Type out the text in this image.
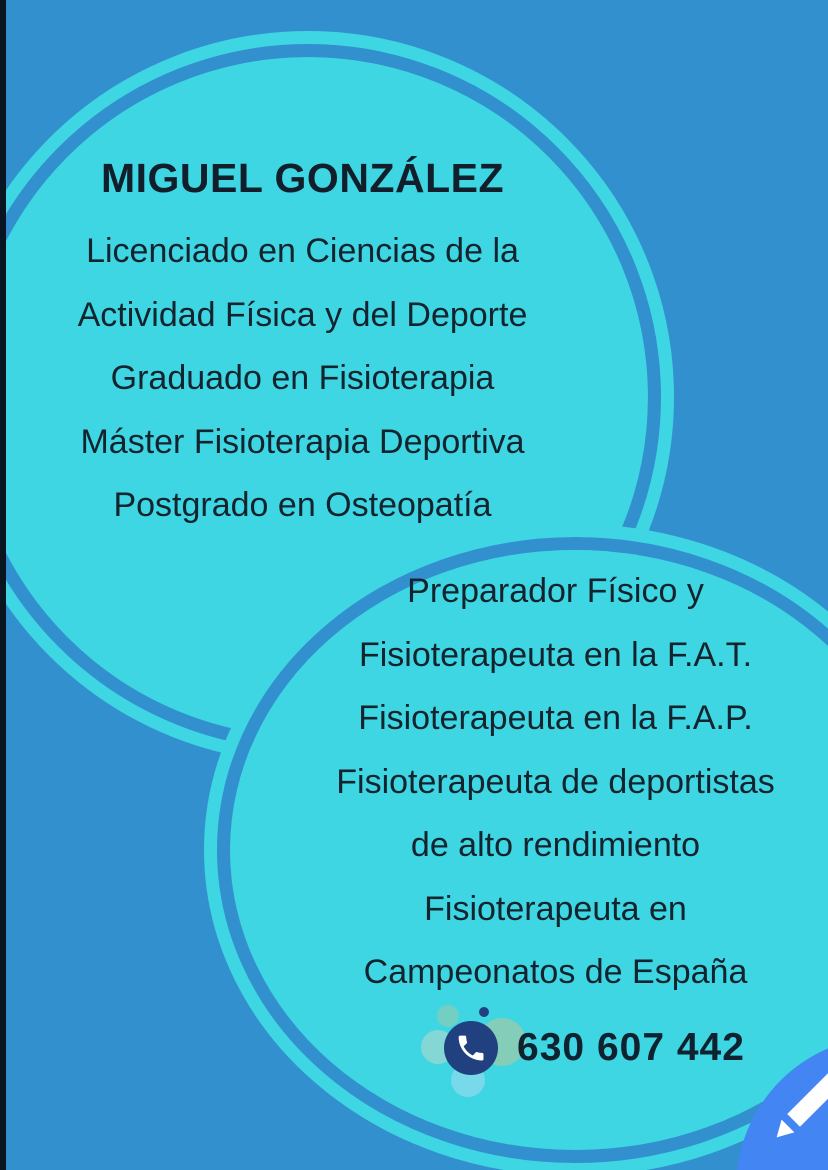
MIGUEL GONZÁLEZ
Licenciado en Ciencias de la
Actividad Física y del Deporte
Graduado en Fisioterapia
Máster Fisioterapia Deportiva
Postgrado en Osteopatía
Preparador Físico y
Fisioterapeuta en la F.A.T.
Fisioterapeuta en la F.A.P.
Fisioterapeuta de deportistas
de alto rendimiento
Fisioterapeuta en
Campeonatos de España
630 607 442
